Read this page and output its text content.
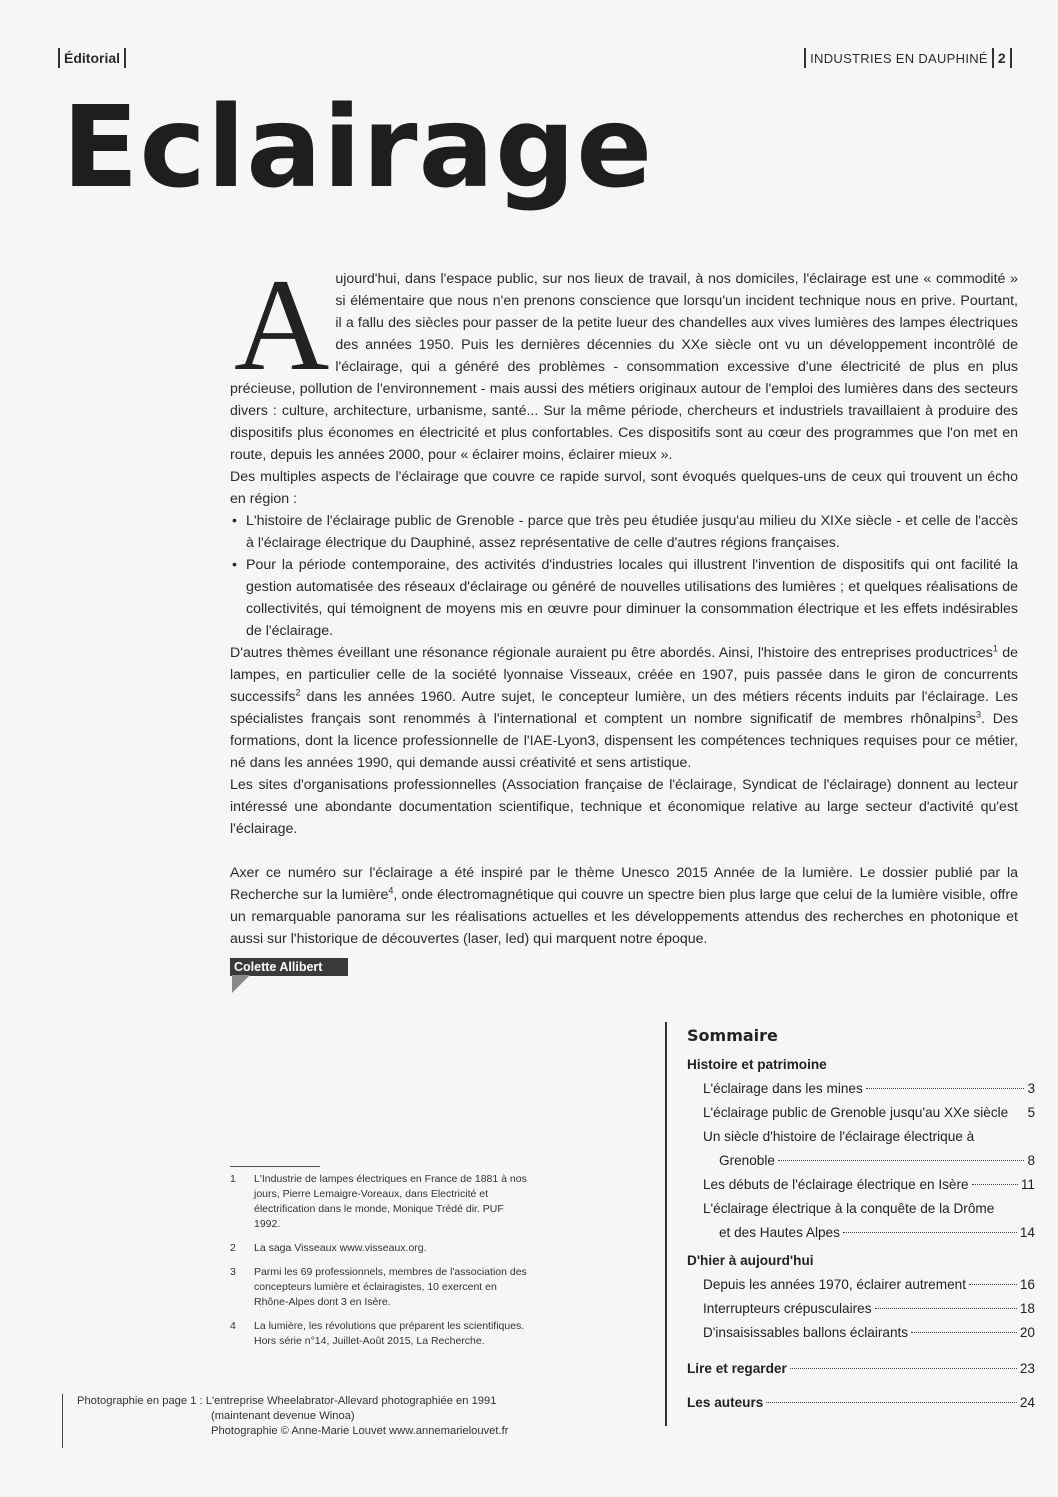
Éditorial	INDUSTRIES EN DAUPHINÉ 2
Eclairage

Aujourd'hui, dans l'espace public, sur nos lieux de travail, à nos domiciles, l'éclairage est une « commodité » si élémentaire que nous n'en prenons conscience que lorsqu'un incident technique nous en prive. Pourtant, il a fallu des siècles pour passer de la petite lueur des chandelles aux vives lumières des lampes électriques des années 1950. Puis les dernières décennies du XXe siècle ont vu un développement incontrôlé de l'éclairage, qui a généré des problèmes - consommation excessive d'une électricité de plus en plus précieuse, pollution de l'environnement - mais aussi des métiers originaux autour de l'emploi des lumières dans des secteurs divers : culture, architecture, urbanisme, santé... Sur la même période, chercheurs et industriels travaillaient à produire des dispositifs plus économes en électricité et plus confortables. Ces dispositifs sont au cœur des programmes que l'on met en route, depuis les années 2000, pour « éclairer moins, éclairer mieux ».

Des multiples aspects de l'éclairage que couvre ce rapide survol, sont évoqués quelques-uns de ceux qui trouvent un écho en région :

• L'histoire de l'éclairage public de Grenoble - parce que très peu étudiée jusqu'au milieu du XIXe siècle - et celle de l'accès à l'éclairage électrique du Dauphiné, assez représentative de celle d'autres régions françaises.
• Pour la période contemporaine, des activités d'industries locales qui illustrent l'invention de dispositifs qui ont facilité la gestion automatisée des réseaux d'éclairage ou généré de nouvelles utilisations des lumières ; et quelques réalisations de collectivités, qui témoignent de moyens mis en œuvre pour diminuer la consommation électrique et les effets indésirables de l'éclairage.

D'autres thèmes éveillant une résonance régionale auraient pu être abordés. Ainsi, l'histoire des entreprises productrices$^1$ de lampes, en particulier celle de la société lyonnaise Visseaux, créée en 1907, puis passée dans le giron de concurrents successifs$^2$ dans les années 1960. Autre sujet, le concepteur lumière, un des métiers récents induits par l'éclairage. Les spécialistes français sont renommés à l'international et comptent un nombre significatif de membres rhônalpins$^3$. Des formations, dont la licence professionnelle de l'IAE-Lyon3, dispensent les compétences techniques requises pour ce métier, né dans les années 1990, qui demande aussi créativité et sens artistique.

Les sites d'organisations professionnelles (Association française de l'éclairage, Syndicat de l'éclairage) donnent au lecteur intéressé une abondante documentation scientifique, technique et économique relative au large secteur d'activité qu'est l'éclairage.

Axer ce numéro sur l'éclairage a été inspiré par le thème Unesco 2015 Année de la lumière. Le dossier publié par la Recherche sur la lumière$^4$, onde électromagnétique qui couvre un spectre bien plus large que celui de la lumière visible, offre un remarquable panorama sur les réalisations actuelles et les développements attendus des recherches en photonique et aussi sur l'historique de découvertes (laser, led) qui marquent notre époque.

Colette Allibert
Sommaire
Histoire et patrimoine
L'éclairage dans les mines	3
L'éclairage public de Grenoble jusqu'au XXe siècle 5
Un siècle d'histoire de l'éclairage électrique à
Grenoble	8
Les débuts de l'éclairage électrique en Isère	11
L'éclairage électrique à la conquête de la Drôme
et des Hautes Alpes	14
D'hier à aujourd'hui
Depuis les années 1970, éclairer autrement	16
Interrupteurs crépusculaires	18
D'insaisissables ballons éclairants	20
Lire et regarder	23
Les auteurs	24
1	L'Industrie de lampes électriques en France de 1881 à nos jours, Pierre Lemaigre-Voreaux, dans Electricité et électrification dans le monde, Monique Trédé dir. PUF 1992.
2	La saga Visseaux www.visseaux.org.
3	Parmi les 69 professionnels, membres de l'association des concepteurs lumière et éclairagistes, 10 exercent en Rhône-Alpes dont 3 en Isère.
4	La lumière, les révolutions que préparent les scientifiques. Hors série n°14, Juillet-Août 2015, La Recherche.
Photographie en page 1 : L'entreprise Wheelabrator-Allevard photographiée en 1991
(maintenant devenue Winoa)
Photographie © Anne-Marie Louvet www.annemarielouvet.fr
